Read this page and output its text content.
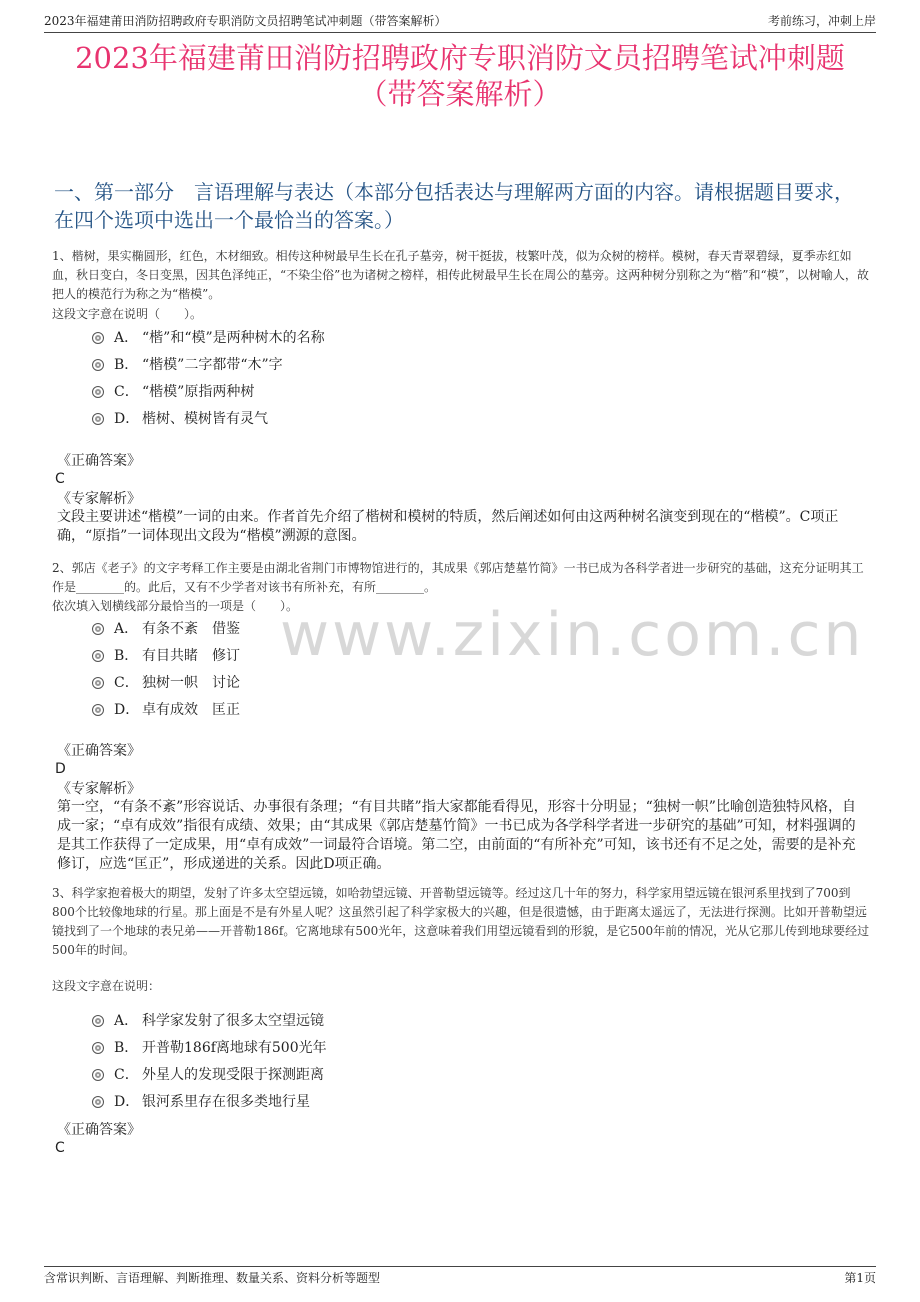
2023年福建莆田消防招聘政府专职消防文员招聘笔试冲刺题（带答案解析）	考前练习，冲刺上岸
2023年福建莆田消防招聘政府专职消防文员招聘笔试冲刺题
（带答案解析）
一、第一部分　言语理解与表达（本部分包括表达与理解两方面的内容。请根据题目要求，在四个选项中选出一个最恰当的答案。）
www.zixin.com.cn
1、楷树，果实椭圆形，红色，木材细致。相传这种树最早生长在孔子墓旁，树干挺拔，枝繁叶茂，似为众树的榜样。模树，春天青翠碧绿，夏季赤红如血，秋日变白，冬日变黑，因其色泽纯正，“不染尘俗”也为诸树之榜样，相传此树最早生长在周公的墓旁。这两种树分别称之为“楷”和“模”，以树喻人，故把人的模范行为称之为“楷模”。
这段文字意在说明（　　）。
A． “楷”和“模”是两种树木的名称
B． “楷模”二字都带“木”字
C． “楷模”原指两种树
D． 楷树、模树皆有灵气
《正确答案》
C
《专家解析》
文段主要讲述“楷模”一词的由来。作者首先介绍了楷树和模树的特质，然后阐述如何由这两种树名演变到现在的“楷模”。C项正确，“原指”一词体现出文段为“楷模”溯源的意图。
2、郭店《老子》的文字考释工作主要是由湖北省荆门市博物馆进行的，其成果《郭店楚墓竹简》一书已成为各科学者进一步研究的基础，这充分证明其工作是________的。此后，又有不少学者对该书有所补充，有所________。
依次填入划横线部分最恰当的一项是（　　）。
A． 有条不紊　借鉴
B． 有目共睹　修订
C． 独树一帜　讨论
D． 卓有成效　匡正
《正确答案》
D
《专家解析》
第一空，“有条不紊”形容说话、办事很有条理；“有目共睹”指大家都能看得见，形容十分明显；“独树一帜”比喻创造独特风格，自成一家；“卓有成效”指很有成绩、效果；由“其成果《郭店楚墓竹简》一书已成为各学科学者进一步研究的基础”可知，材料强调的是其工作获得了一定成果，用“卓有成效”一词最符合语境。第二空，由前面的“有所补充”可知，该书还有不足之处，需要的是补充修订，应选“匡正”，形成递进的关系。因此D项正确。
3、科学家抱着极大的期望，发射了许多太空望远镜，如哈勃望远镜、开普勒望远镜等。经过这几十年的努力，科学家用望远镜在银河系里找到了700到800个比较像地球的行星。那上面是不是有外星人呢？这虽然引起了科学家极大的兴趣，但是很遗憾，由于距离太遥远了，无法进行探测。比如开普勒望远镜找到了一个地球的表兄弟——开普勒186f。它离地球有500光年，这意味着我们用望远镜看到的形貌，是它500年前的情况，光从它那儿传到地球要经过500年的时间。
这段文字意在说明：
A． 科学家发射了很多太空望远镜
B． 开普勒186f离地球有500光年
C． 外星人的发现受限于探测距离
D． 银河系里存在很多类地行星
《正确答案》
C
含常识判断、言语理解、判断推理、数量关系、资料分析等题型	第1页
